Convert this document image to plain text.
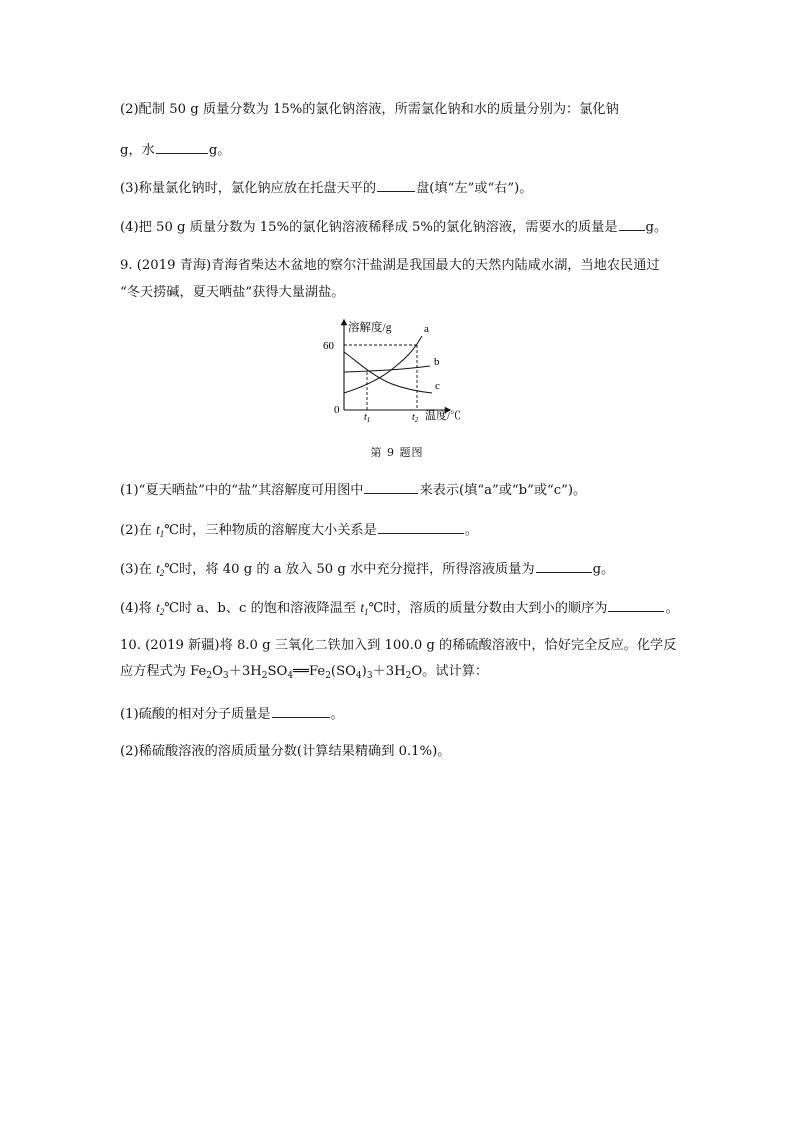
(2)配制 50 g 质量分数为 15%的氯化钠溶液，所需氯化钠和水的质量分别为：氯化钠
g，水	g。
(3)称量氯化钠时，氯化钠应放在托盘天平的	盘(填“左”或“右”)。
(4)把 50 g 质量分数为 15%的氯化钠溶液稀释成 5%的氯化钠溶液，需要水的质量是 g。
9. (2019 青海)青海省柴达木盆地的察尔汗盐湖是我国最大的天然内陆咸水湖，当地农民通过
“冬天捞碱，夏天晒盐”获得大量湖盐。
溶解度/g
60
0
a
b
c
$t_1$	$t_2$ 温度/℃
第 9 题图
(1)“夏天晒盐”中的“盐”其溶解度可用图中	来表示(填“a”或“b”或“c”)。
(2)在 $t_1℃$时，三种物质的溶解度大小关系是	。
(3)在 $t_2℃$时，将 40 g 的 a 放入 50 g 水中充分搅拌，所得溶液质量为	g。
(4)将 $t_2℃$时 a、b、c 的饱和溶液降温至 $t_1℃$时，溶质的质量分数由大到小的顺序为	。
10. (2019 新疆)将 8.0 g 三氧化二铁加入到 100.0 g 的稀硫酸溶液中，恰好完全反应。化学反
应方程式为 $Fe_2O_3+3H_2SO_4══Fe_2(SO_4)_3+3H_2O$。试计算：
(1)硫酸的相对分子质量是	。
(2)稀硫酸溶液的溶质质量分数(计算结果精确到 0.1%)。
